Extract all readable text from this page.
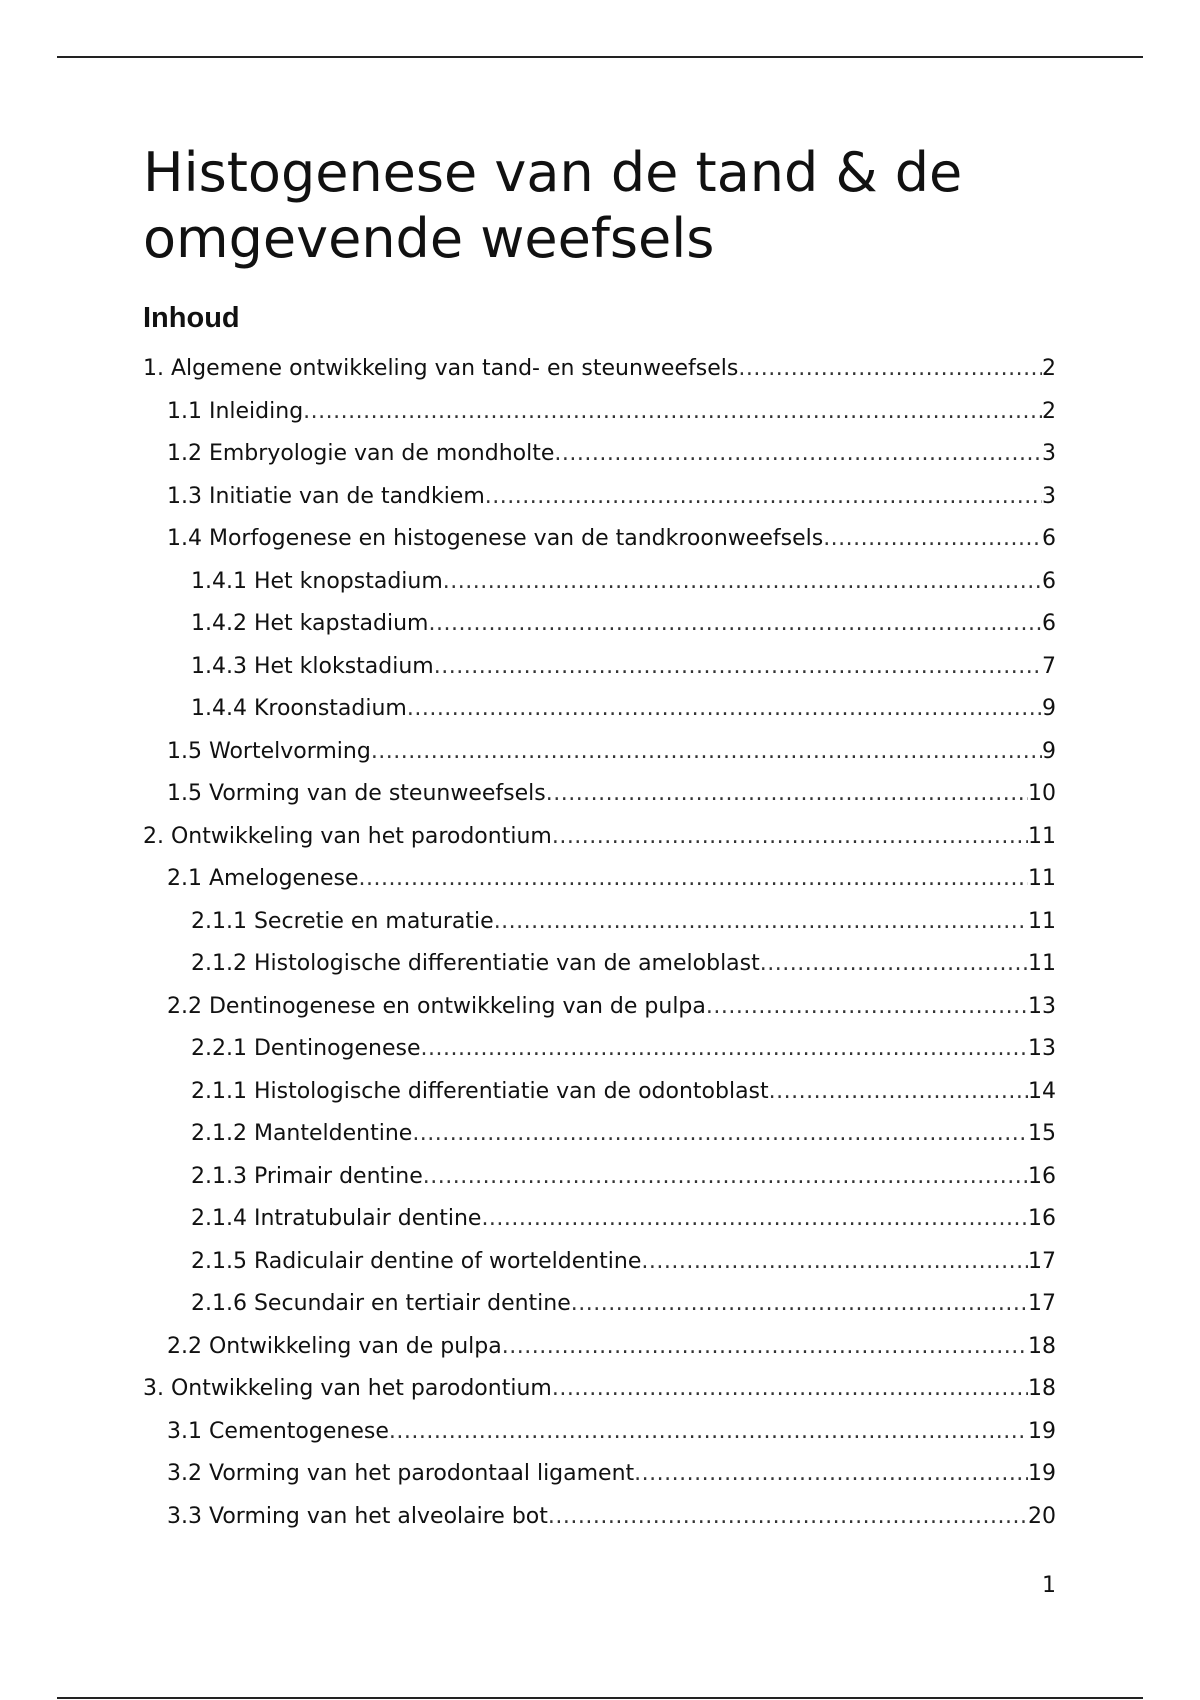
Histogenese van de tand & de omgevende weefsels
Inhoud
1. Algemene ontwikkeling van tand- en steunweefsels .....	2
1.1 Inleiding .....	2
1.2 Embryologie van de mondholte .....	3
1.3 Initiatie van de tandkiem .....	3
1.4 Morfogenese en histogenese van de tandkroonweefsels .....	6
1.4.1 Het knopstadium .....	6
1.4.2 Het kapstadium .....	6
1.4.3 Het klokstadium .....	7
1.4.4 Kroonstadium .....	9
1.5 Wortelvorming .....	9
1.5 Vorming van de steunweefsels .....	10
2. Ontwikkeling van het parodontium .....	11
2.1 Amelogenese .....	11
2.1.1 Secretie en maturatie .....	11
2.1.2 Histologische differentiatie van de ameloblast .....	11
2.2 Dentinogenese en ontwikkeling van de pulpa .....	13
2.2.1 Dentinogenese .....	13
2.1.1 Histologische differentiatie van de odontoblast .....	14
2.1.2 Manteldentine .....	15
2.1.3 Primair dentine .....	16
2.1.4 Intratubulair dentine .....	16
2.1.5 Radiculair dentine of worteldentine .....	17
2.1.6 Secundair en tertiair dentine .....	17
2.2 Ontwikkeling van de pulpa .....	18
3. Ontwikkeling van het parodontium .....	18
3.1 Cementogenese .....	19
3.2 Vorming van het parodontaal ligament .....	19
3.3 Vorming van het alveolaire bot .....	20
1
